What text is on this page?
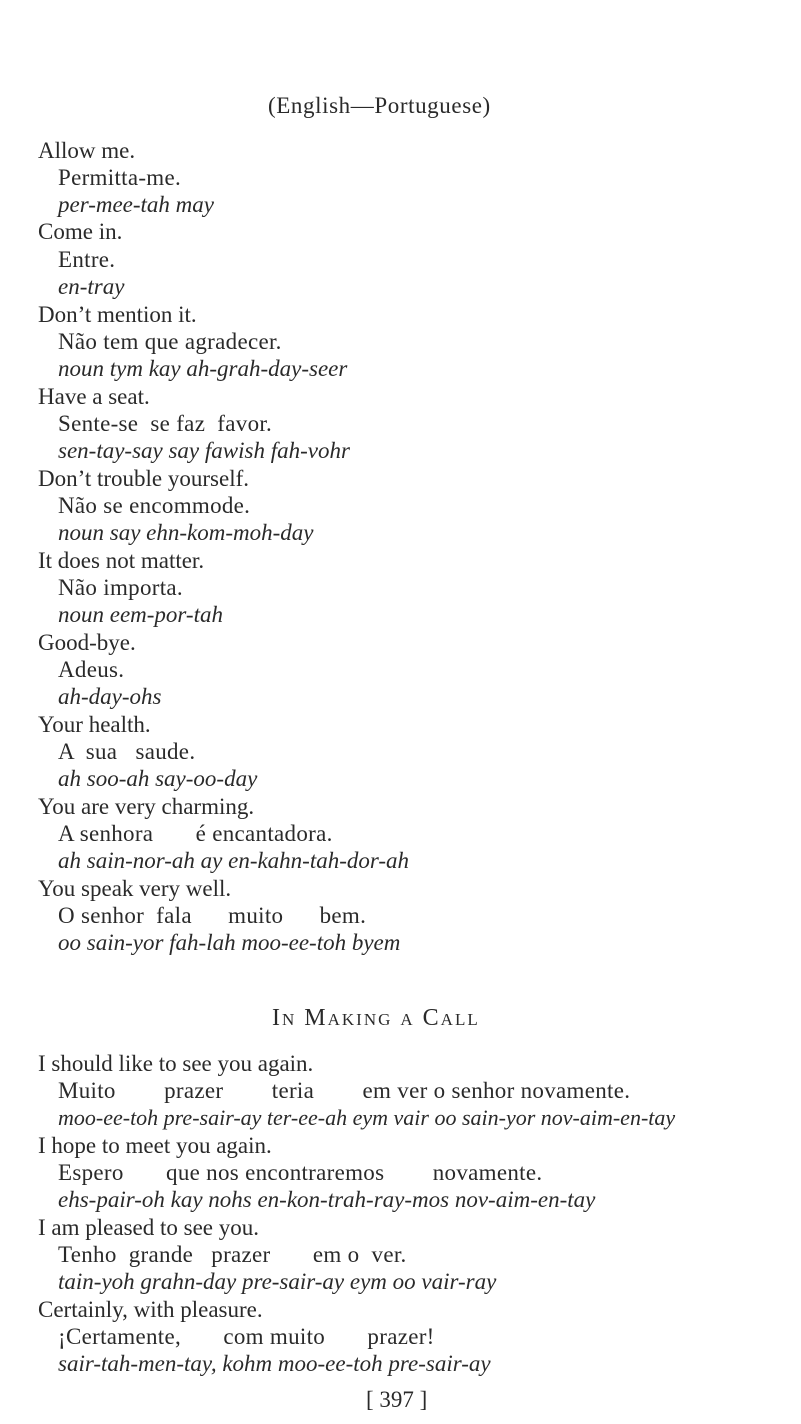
(English—Portuguese)
Allow me.
Permitta-me.
per-mee-tah may
Come in.
Entre.
en-tray
Don’t mention it.
Não tem que agradecer.
noun tym kay ah-grah-day-seer
Have a seat.
Sente-se  se faz  favor.
sen-tay-say say fawish fah-vohr
Don’t trouble yourself.
Não se encommode.
noun say ehn-kom-moh-day
It does not matter.
Não importa.
noun eem-por-tah
Good-bye.
Adeus.
ah-day-ohs
Your health.
A  sua   saude.
ah soo-ah say-oo-day
You are very charming.
A senhora       é encantadora.
ah sain-nor-ah ay en-kahn-tah-dor-ah
You speak very well.
O senhor  fala      muito      bem.
oo sain-yor fah-lah moo-ee-toh byem
In Making a Call
I should like to see you again.
Muito        prazer        teria        em ver o senhor novamente.
moo-ee-toh pre-sair-ay ter-ee-ah eym vair oo sain-yor nov-aim-en-tay
I hope to meet you again.
Espero       que nos encontraremos        novamente.
ehs-pair-oh kay nohs en-kon-trah-ray-mos nov-aim-en-tay
I am pleased to see you.
Tenho  grande   prazer       em o  ver.
tain-yoh grahn-day pre-sair-ay eym oo vair-ray
Certainly, with pleasure.
¡Certamente,       com muito       prazer!
sair-tah-men-tay, kohm moo-ee-toh pre-sair-ay
[ 397 ]
